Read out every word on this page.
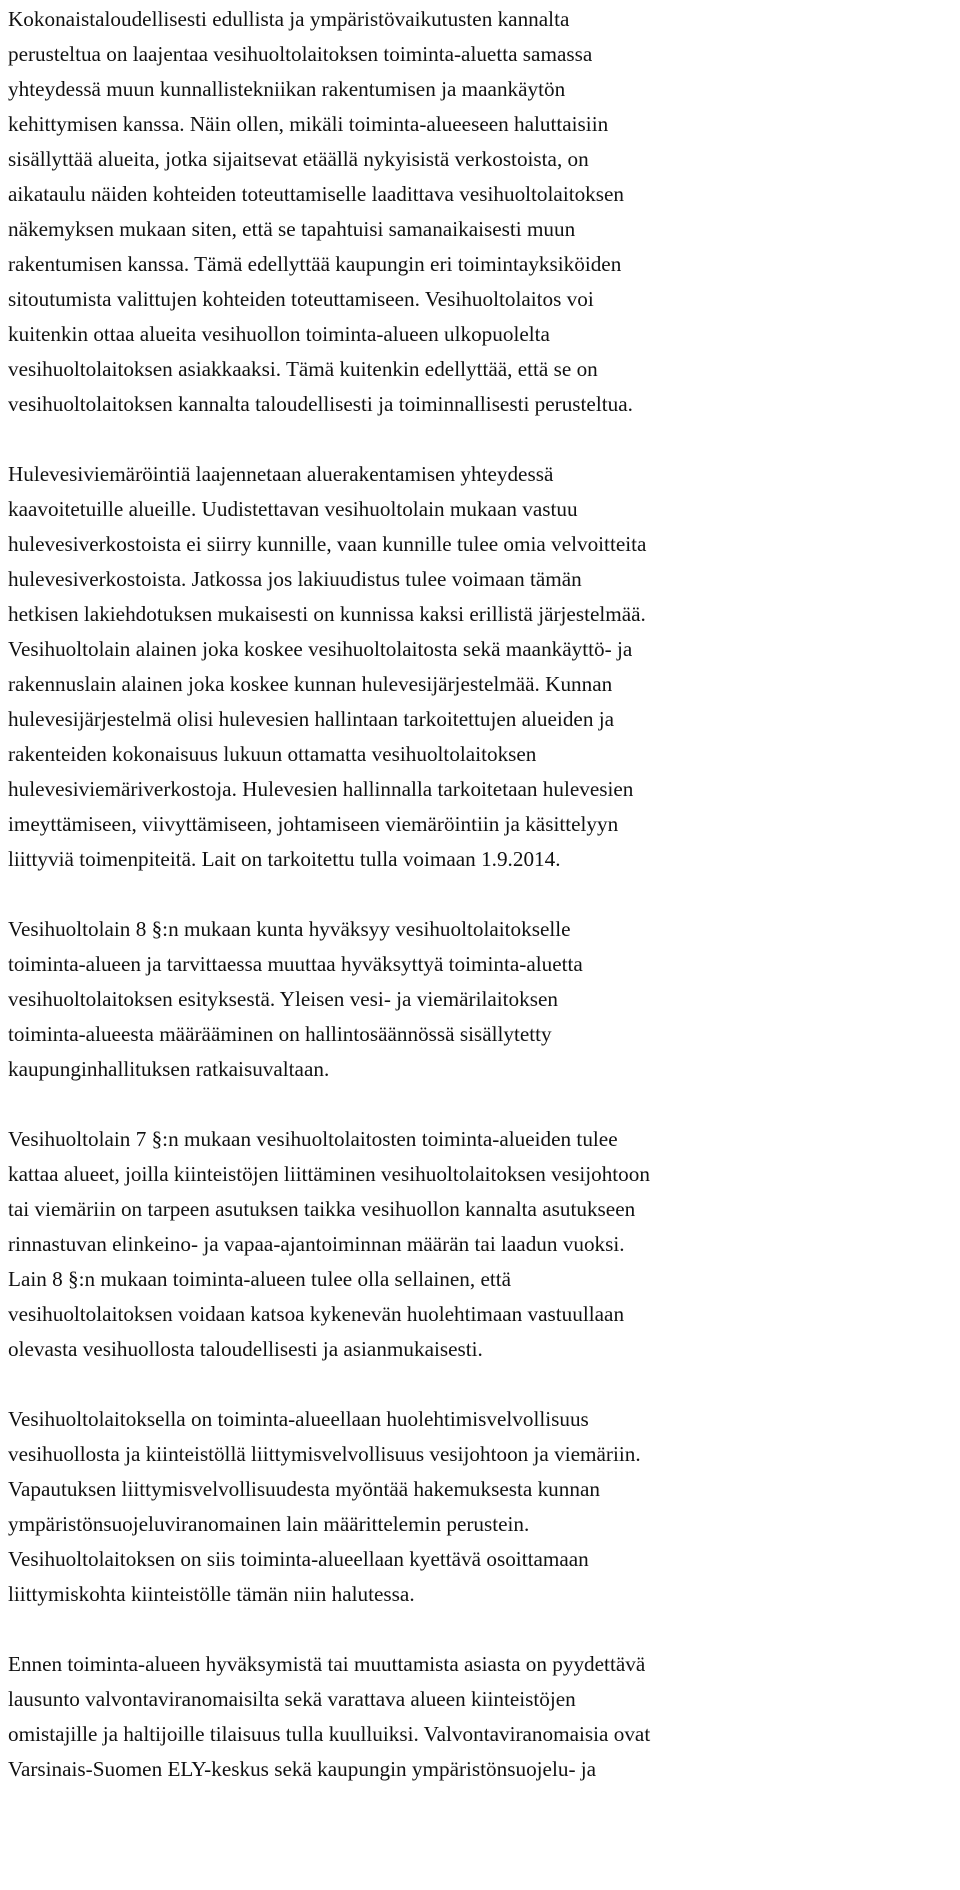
Kokonaistaloudellisesti edullista ja ympäristövaikutusten kannalta
perusteltua on laajentaa vesihuoltolaitoksen toiminta-aluetta samassa
yhteydessä muun kunnallistekniikan rakentumisen ja maankäytön
kehittymisen kanssa. Näin ollen, mikäli toiminta-alueeseen haluttaisiin
sisällyttää alueita, jotka sijaitsevat etäällä nykyisistä verkostoista, on
aikataulu näiden kohteiden toteuttamiselle laadittava vesihuoltolaitoksen
näkemyksen mukaan siten, että se tapahtuisi samanaikaisesti muun
rakentumisen kanssa. Tämä edellyttää kaupungin eri toimintayksiköiden
sitoutumista valittujen kohteiden toteuttamiseen. Vesihuoltolaitos voi
kuitenkin ottaa alueita vesihuollon toiminta-alueen ulkopuolelta
vesihuoltolaitoksen asiakkaaksi. Tämä kuitenkin edellyttää, että se on
vesihuoltolaitoksen kannalta taloudellisesti ja toiminnallisesti perusteltua.
Hulevesiviemäröintiä laajennetaan aluerakentamisen yhteydessä
kaavoitetuille alueille. Uudistettavan vesihuoltolain mukaan vastuu
hulevesiverkostoista ei siirry kunnille, vaan kunnille tulee omia velvoitteita
hulevesiverkostoista. Jatkossa jos lakiuudistus tulee voimaan tämän
hetkisen lakiehdotuksen mukaisesti on kunnissa kaksi erillistä järjestelmää.
Vesihuoltolain alainen joka koskee vesihuoltolaitosta sekä maankäyttö- ja
rakennuslain alainen joka koskee kunnan hulevesijärjestelmää. Kunnan
hulevesijärjestelmä olisi hulevesien hallintaan tarkoitettujen alueiden ja
rakenteiden kokonaisuus lukuun ottamatta vesihuoltolaitoksen
hulevesiviemäriverkostoja. Hulevesien hallinnalla tarkoitetaan hulevesien
imeyttämiseen, viivyttämiseen, johtamiseen viemäröintiin ja käsittelyyn
liittyviä toimenpiteitä. Lait on tarkoitettu tulla voimaan 1.9.2014.
Vesihuoltolain 8 §:n mukaan kunta hyväksyy vesihuoltolaitokselle
toiminta-alueen ja tarvittaessa muuttaa hyväksyttyä toiminta-aluetta
vesihuoltolaitoksen esityksestä. Yleisen vesi- ja viemärilaitoksen
toiminta-alueesta määrääminen on hallintosäännössä sisällytetty
kaupunginhallituksen ratkaisuvaltaan.
Vesihuoltolain 7 §:n mukaan vesihuoltolaitosten toiminta-alueiden tulee
kattaa alueet, joilla kiinteistöjen liittäminen vesihuoltolaitoksen vesijohtoon
tai viemäriin on tarpeen asutuksen taikka vesihuollon kannalta asutukseen
rinnastuvan elinkeino- ja vapaa-ajantoiminnan määrän tai laadun vuoksi.
Lain 8 §:n mukaan toiminta-alueen tulee olla sellainen, että
vesihuoltolaitoksen voidaan katsoa kykenevän huolehtimaan vastuullaan
olevasta vesihuollosta taloudellisesti ja asianmukaisesti.
Vesihuoltolaitoksella on toiminta-alueellaan huolehtimisvelvollisuus
vesihuollosta ja kiinteistöllä liittymisvelvollisuus vesijohtoon ja viemäriin.
Vapautuksen liittymisvelvollisuudesta myöntää hakemuksesta kunnan
ympäristönsuojeluviranomainen lain määrittelemin perustein.
Vesihuoltolaitoksen on siis toiminta-alueellaan kyettävä osoittamaan
liittymiskohta kiinteistölle tämän niin halutessa.
Ennen toiminta-alueen hyväksymistä tai muuttamista asiasta on pyydettävä
lausunto valvontaviranomaisilta sekä varattava alueen kiinteistöjen
omistajille ja haltijoille tilaisuus tulla kuulluiksi. Valvontaviranomaisia ovat
Varsinais-Suomen ELY-keskus sekä kaupungin ympäristönsuojelu- ja
